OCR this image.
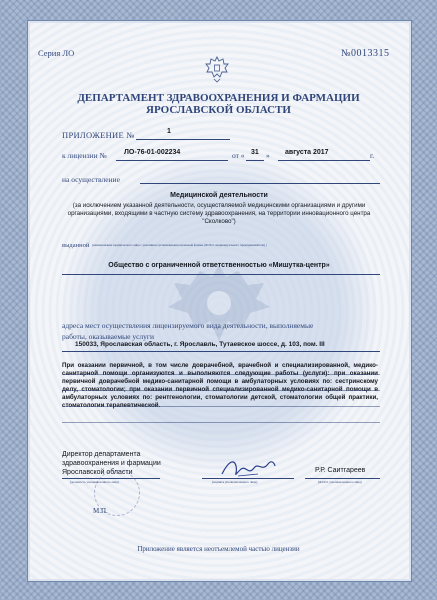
Серия ЛО	№0013315
ДЕПАРТАМЕНТ ЗДРАВООХРАНЕНИЯ И ФАРМАЦИИ
ЯРОСЛАВСКОЙ ОБЛАСТИ
ПРИЛОЖЕНИЕ №	1
к лицензии № ЛО-76-01-002234	от « 31 » августа 2017	г.
на осуществление
Медицинской деятельности
(за исключением указанной деятельности, осуществляемой медицинскими организациями и другими организациями, входящими в частную систему здравоохранения, на территории инновационного центра "Сколково")
выданной (наименование юридического лица с указанием организационно-правовой формы (Ф.И.О. индивидуального предпринимателя) )
Общество с ограниченной ответственностью «Мишутка-центр»
адреса мест осуществления лицензируемого вида деятельности, выполняемые работы, оказываемые услуги
150033, Ярославская область, г. Ярославль, Тутаевское шоссе, д. 103, пом. III
При оказании первичной, в том числе доврачебной, врачебной и специализированной, медико-санитарной помощи организуются и выполняются следующие работы (услуги): при оказании первичной доврачебной медико-санитарной помощи в амбулаторных условиях по: сестринскому делу, стоматологии; при оказании первичной специализированной медико-санитарной помощи в амбулаторных условиях по: рентгенологии, стоматологии детской, стоматологии общей практики, стоматологии терапевтической.
Директор департамента
здравоохранения и фармации
Ярославской области
(должность уполномоченного лица)	(подпись уполномоченного лица)
Р.Р. Саитгареев
(Ф.И.О. уполномоченного лица)
М.П.
Приложение является неотъемлемой частью лицензии
